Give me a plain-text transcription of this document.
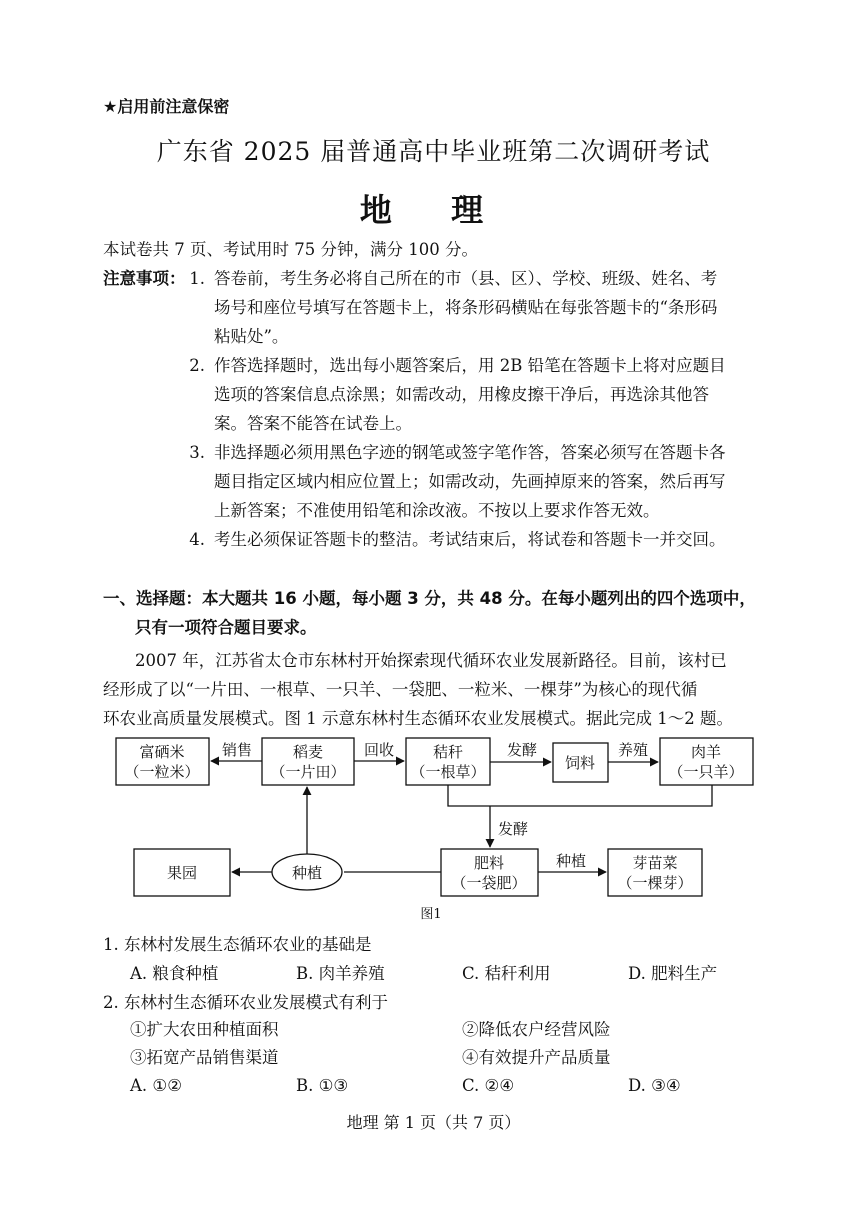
★启用前注意保密
广东省 2025 届普通高中毕业班第二次调研考试
地 理
本试卷共 7 页、考试用时 75 分钟，满分 100 分。
注意事项： 1. 答卷前，考生务必将自己所在的市（县、区）、学校、班级、姓名、考
场号和座位号填写在答题卡上，将条形码横贴在每张答题卡的“条形码
粘贴处”。
2. 作答选择题时，选出每小题答案后，用 2B 铅笔在答题卡上将对应题目
选项的答案信息点涂黑；如需改动，用橡皮擦干净后，再选涂其他答
案。答案不能答在试卷上。
3. 非选择题必须用黑色字迹的钢笔或签字笔作答，答案必须写在答题卡各
题目指定区域内相应位置上；如需改动，先画掉原来的答案，然后再写
上新答案；不准使用铅笔和涂改液。不按以上要求作答无效。
4. 考生必须保证答题卡的整洁。考试结束后，将试卷和答题卡一并交回。
一、选择题：本大题共 16 小题，每小题 3 分，共 48 分。在每小题列出的四个选项中，
只有一项符合题目要求。
2007 年，江苏省太仓市东林村开始探索现代循环农业发展新路径。目前，该村已
经形成了以“一片田、一根草、一只羊、一袋肥、一粒米、一棵芽”为核心的现代循
环农业高质量发展模式。图 1 示意东林村生态循环农业发展模式。据此完成 1～2 题。
富硒米
（一粒米）
稻麦
（一片田）
秸秆
（一根草）	饲料
肉羊
（一只羊）
果园	种植
肥料
（一袋肥）
芽苗菜
（一棵芽）
销售	回收	发酵	养殖
发酵
种植
图1
1. 东林村发展生态循环农业的基础是
A. 粮食种植	B. 肉羊养殖	C. 秸秆利用	D. 肥料生产
2. 东林村生态循环农业发展模式有利于
①扩大农田种植面积	②降低农户经营风险
③拓宽产品销售渠道	④有效提升产品质量
A. ①②	B. ①③	C. ②④	D. ③④
地理 第 1 页（共 7 页）
